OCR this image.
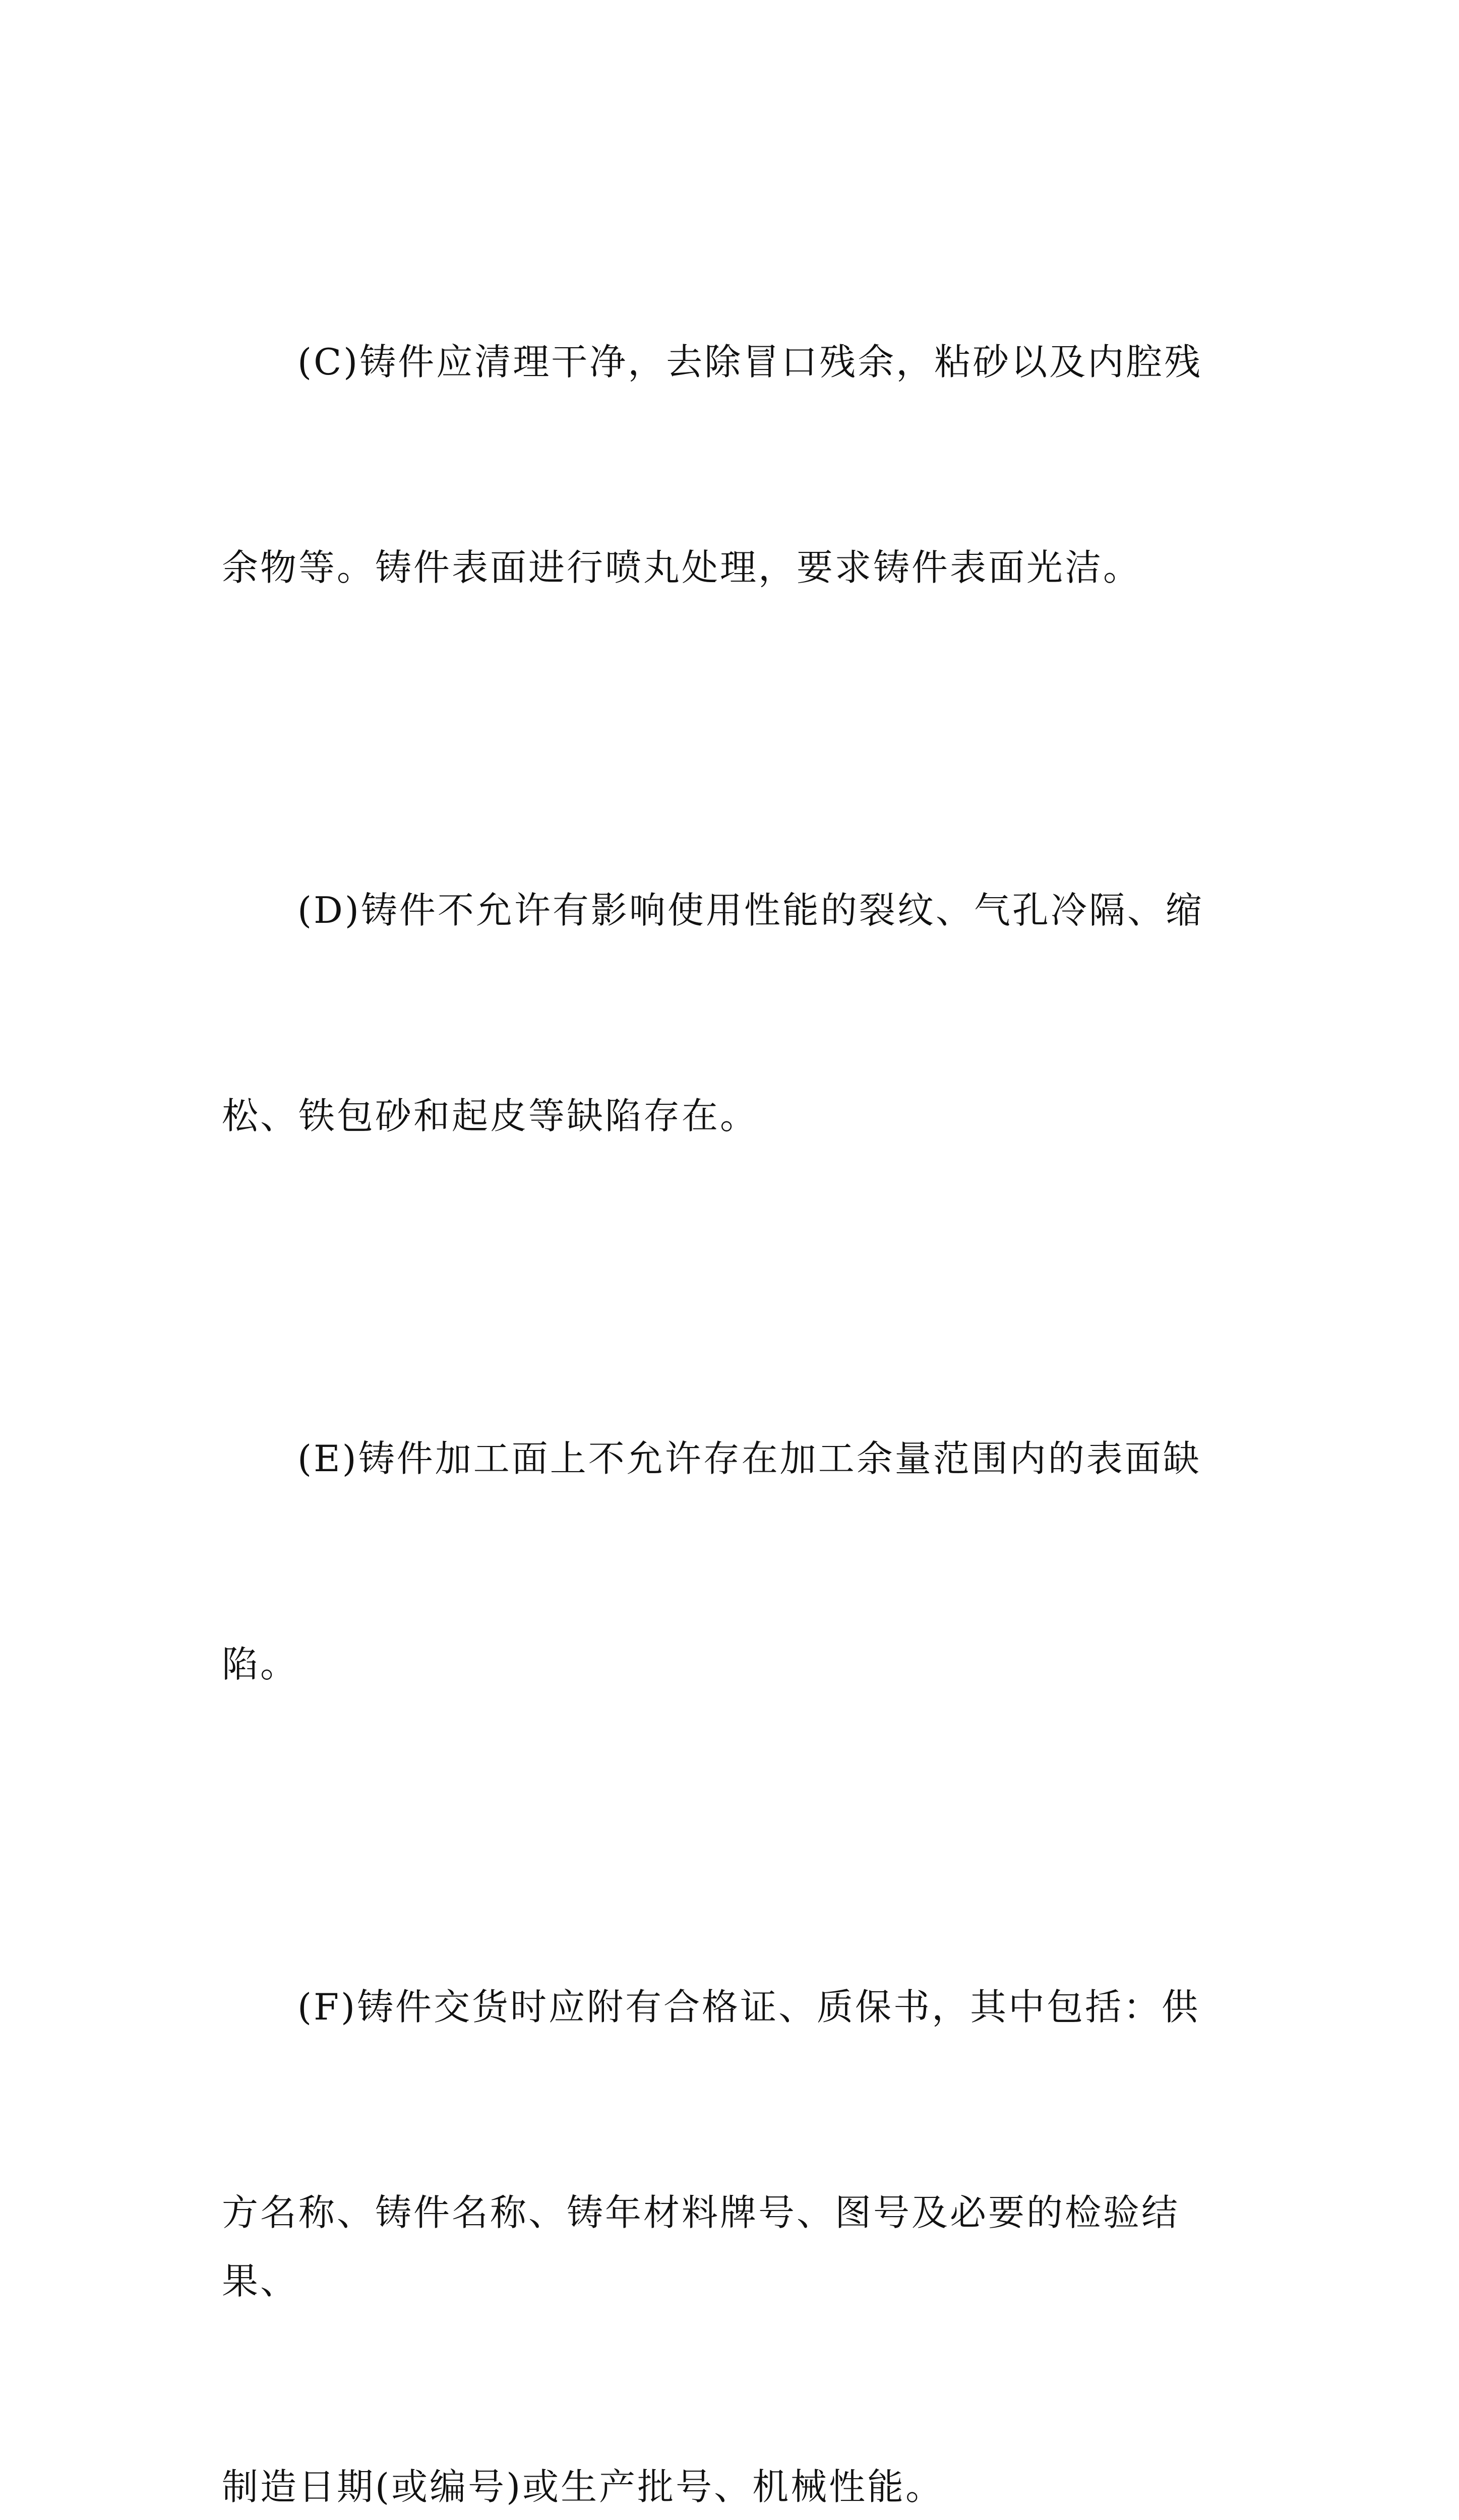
(C)铸件应清理干净，去除冒口残余，粘砂以及内腔残

余物等。铸件表面进行喷丸处理，要求铸件表面光洁。

(D)铸件不允许有影响使用性能的裂纹、气孔冷隔、缩

松、铁包砂和起皮等缺陷存在。

(E)铸件加工面上不允许存在加工余量范围内的表面缺

陷。

(F)铸件交货时应附有合格证、质保书，其中包括：供

方名称、铸件名称、铸年材料牌号、图号及必要的检验结果、

制造日期(或编号)或生产批号、机械性能。
